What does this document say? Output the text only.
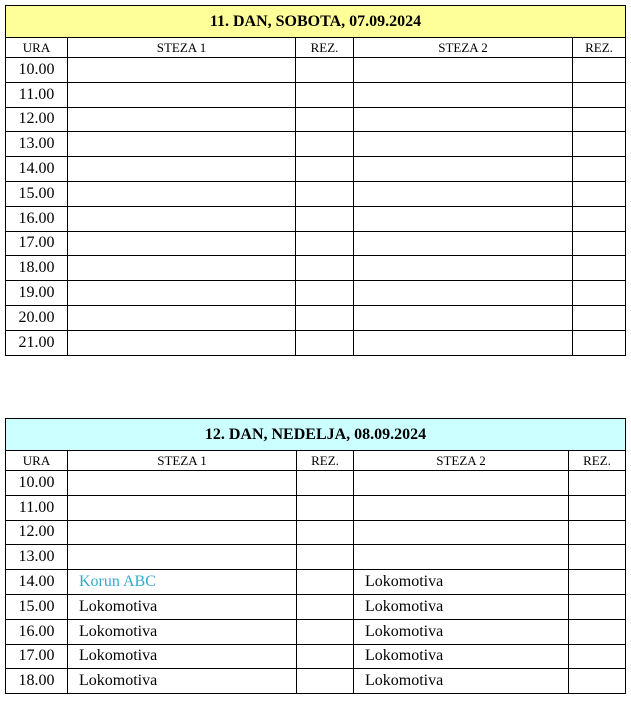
11. DAN, SOBOTA, 07.09.2024				
URA	STEZA 1	REZ.	STEZA 2	REZ.
10.00				
11.00				
12.00				
13.00				
14.00				
15.00				
16.00				
17.00				
18.00				
19.00				
20.00				
21.00				
12. DAN, NEDELJA, 08.09.2024				
URA	STEZA 1	REZ.	STEZA 2	REZ.
10.00				
11.00				
12.00				
13.00				
14.00	Korun ABC		Lokomotiva	
15.00	Lokomotiva		Lokomotiva	
16.00	Lokomotiva		Lokomotiva	
17.00	Lokomotiva		Lokomotiva	
18.00	Lokomotiva		Lokomotiva	
